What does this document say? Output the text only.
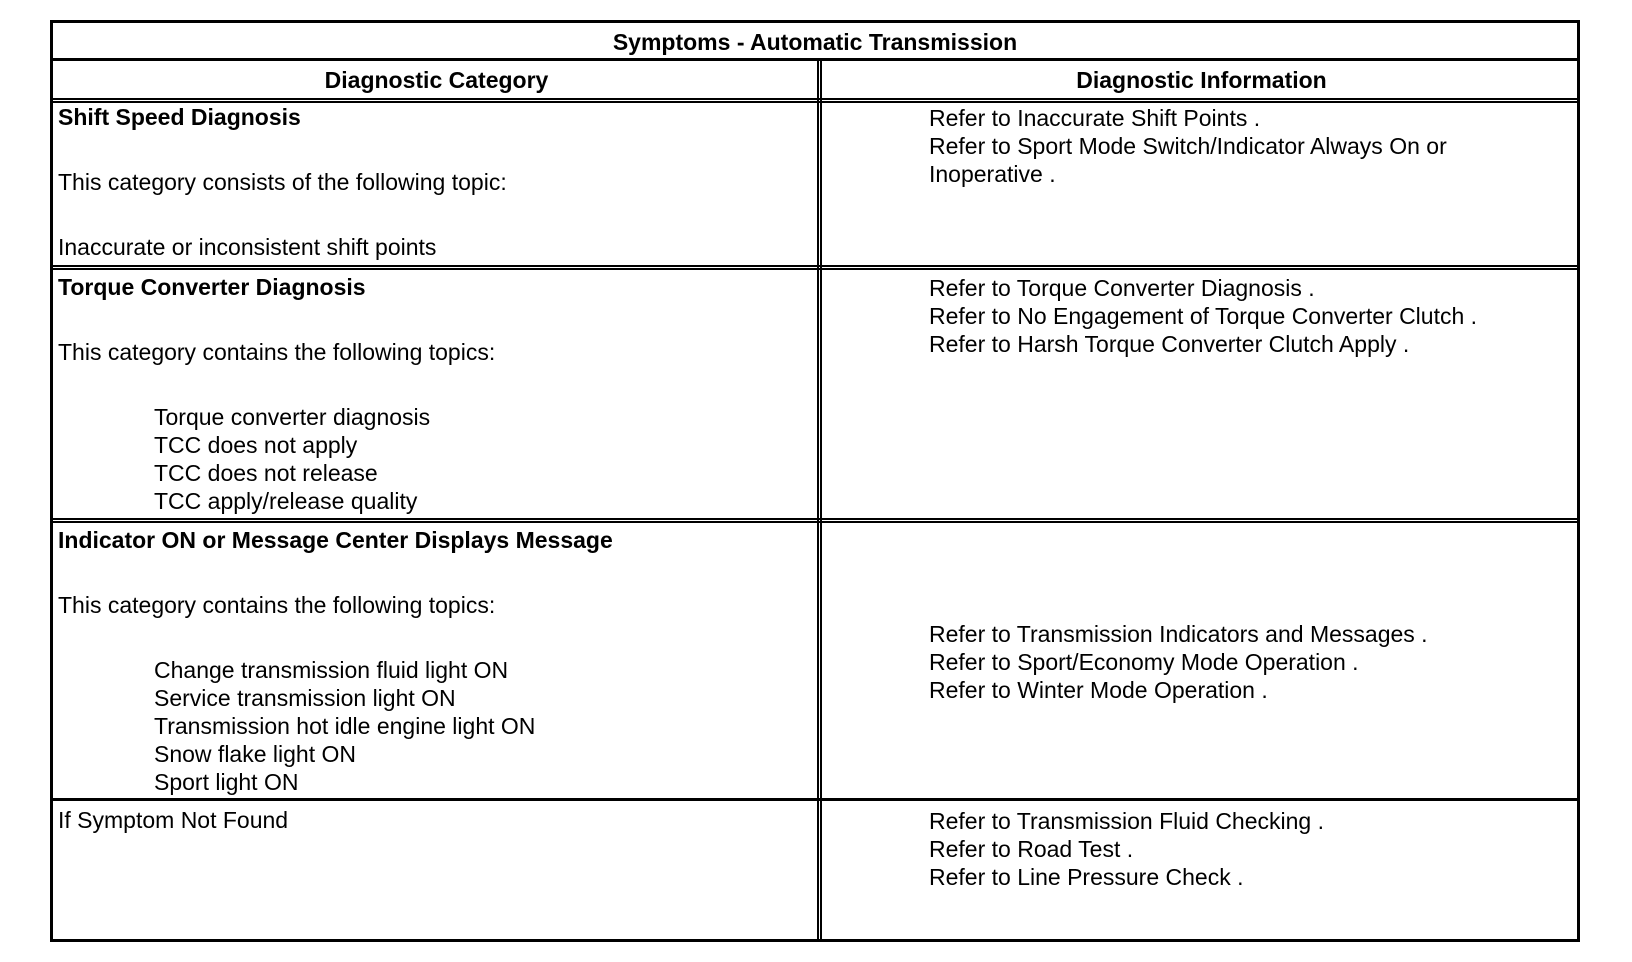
Symptoms - Automatic Transmission
Diagnostic Category	Diagnostic Information
Shift Speed Diagnosis
This category consists of the following topic:
Inaccurate or inconsistent shift points
Refer to Inaccurate Shift Points .
Refer to Sport Mode Switch/Indicator Always On or
Inoperative .
Torque Converter Diagnosis
This category contains the following topics:
Torque converter diagnosis
TCC does not apply
TCC does not release
TCC apply/release quality
Refer to Torque Converter Diagnosis .
Refer to No Engagement of Torque Converter Clutch .
Refer to Harsh Torque Converter Clutch Apply .
Indicator ON or Message Center Displays Message
This category contains the following topics:
Change transmission fluid light ON
Service transmission light ON
Transmission hot idle engine light ON
Snow flake light ON
Sport light ON
Refer to Transmission Indicators and Messages .
Refer to Sport/Economy Mode Operation .
Refer to Winter Mode Operation .
If Symptom Not Found	Refer to Transmission Fluid Checking .
Refer to Road Test .
Refer to Line Pressure Check .
